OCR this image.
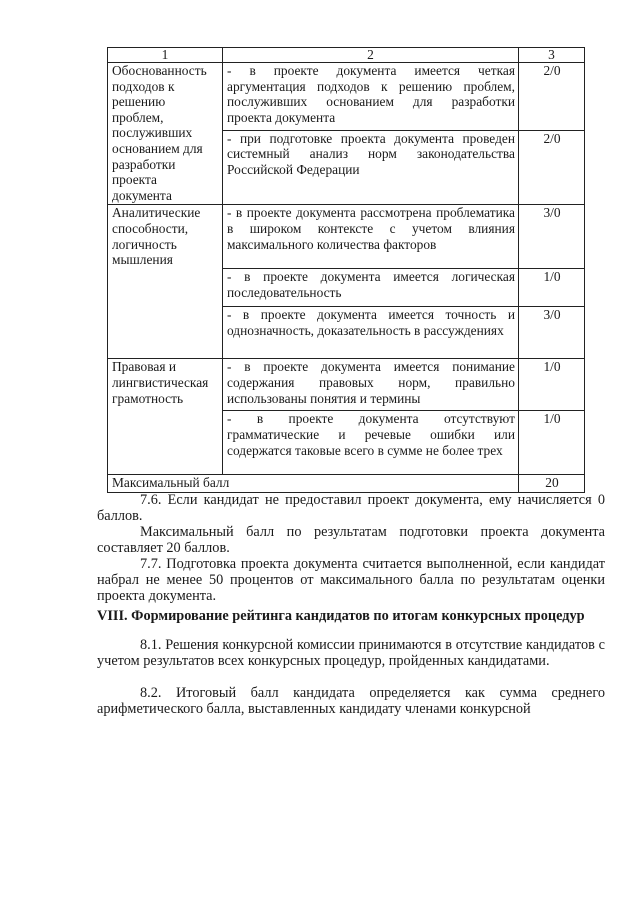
1	2	3
Обоснованность подходов к решению проблем, послуживших основанием для разработки проекта документа	- в проекте документа имеется четкая аргументация подходов к решению проблем, послуживших основанием для разработки проекта документа	2/0
	- при подготовке проекта документа проведен системный анализ норм законодательства Российской Федерации	2/0
Аналитические способности, логичность мышления	- в проекте документа рассмотрена проблематика в широком контексте с учетом влияния максимального количества факторов	3/0
	- в проекте документа имеется логическая последовательность	1/0
	- в проекте документа имеется точность и однозначность, доказательность в рассуждениях	3/0
Правовая и лингвистическая грамотность	- в проекте документа имеется понимание содержания правовых норм, правильно использованы понятия и термины	1/0
	- в проекте документа отсутствуют грамматические и речевые ошибки или содержатся таковые всего в сумме не более трех	1/0
Максимальный балл		20

7.6. Если кандидат не предоставил проект документа, ему начисляется 0 баллов.

Максимальный балл по результатам подготовки проекта документа составляет 20 баллов.

7.7. Подготовка проекта документа считается выполненной, если кандидат набрал не менее 50 процентов от максимального балла по результатам оценки проекта документа.

VIII. Формирование рейтинга кандидатов по итогам конкурсных процедур

8.1. Решения конкурсной комиссии принимаются в отсутствие кандидатов с учетом результатов всех конкурсных процедур, пройденных кандидатами.

8.2. Итоговый балл кандидата определяется как сумма среднего арифметического балла, выставленных кандидату членами конкурсной
